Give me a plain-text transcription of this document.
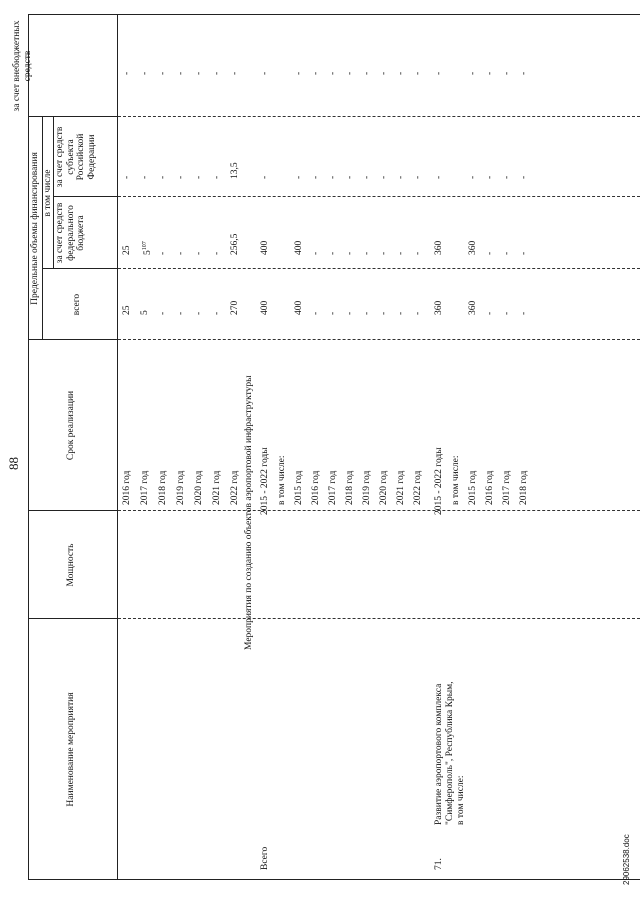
88
Наименование мероприятия
Мощность
Срок реализации
Предельные объемы финансирования	всего
в том числе
за счет средств федерального бюджета
за счет средств субъекта Российской Федерации
за счет внебюджетных средств
2016 год
25
25
-
-
2017 год
5
$5^{107}$
-
-
2018 год
-
-
-
-
2019 год
-
-
-
-
2020 год
-
-
-
-
2021 год
-
-
-
-
2022 год
270
256,5
13,5
-
Мероприятия по созданию объектов аэропортовой инфраструктуры
Всего
2015 - 2022 годы
400
400
-
-
в том числе: 2015 год
400
400
-
-
2016 год
-
-
-
-
2017 год
-
-
-
-
2018 год
-
-
-
-
2019 год
-
-
-
-
2020 год
-
-
-
-
2021 год
-
-
-
-
2022 год
-
-
-
-
71.
Развитие аэропортового комплекса "Симферополь", Республика Крым, в том числе:
2015 - 2022 годы
360
360
-
-
в том числе: 2015 год
360
360
-
-
2016 год
-
-
-
-
2017 год
-
-
-
-
2018 год
-
-
-
-
29062538.doc
